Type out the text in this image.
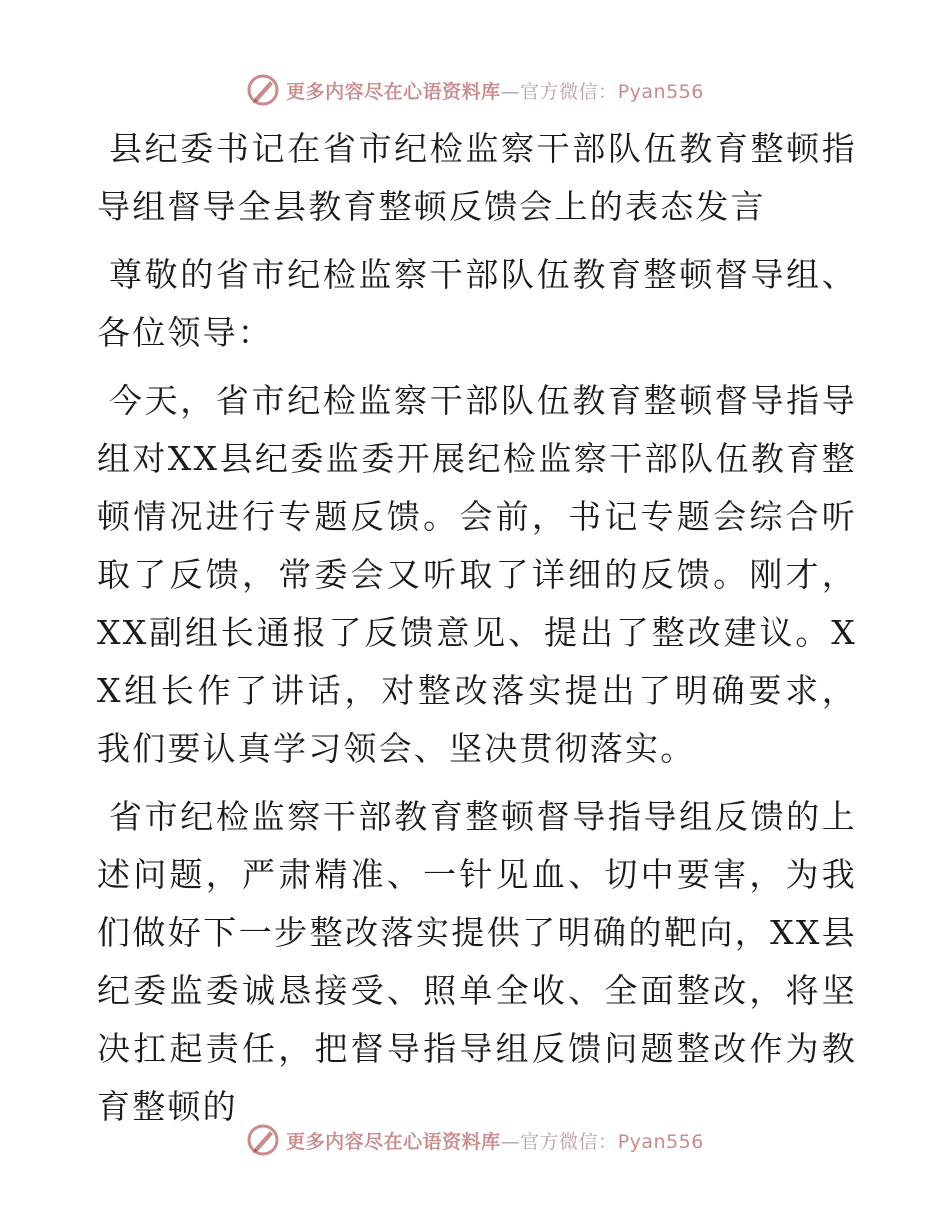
更多内容尽在心语资料库—官方微信：Pyan556

县纪委书记在省市纪检监察干部队伍教育整顿指导组督导全县教育整顿反馈会上的表态发言

尊敬的省市纪检监察干部队伍教育整顿督导组、各位领导：

今天，省市纪检监察干部队伍教育整顿督导指导组对XX县纪委监委开展纪检监察干部队伍教育整顿情况进行专题反馈。会前，书记专题会综合听取了反馈，常委会又听取了详细的反馈。刚才，XX副组长通报了反馈意见、提出了整改建议。XX组长作了讲话，对整改落实提出了明确要求，我们要认真学习领会、坚决贯彻落实。

省市纪检监察干部教育整顿督导指导组反馈的上述问题，严肃精准、一针见血、切中要害，为我们做好下一步整改落实提供了明确的靶向，XX县纪委监委诚恳接受、照单全收、全面整改，将坚决扛起责任，把督导指导组反馈问题整改作为教育整顿的

更多内容尽在心语资料库—官方微信：Pyan556
